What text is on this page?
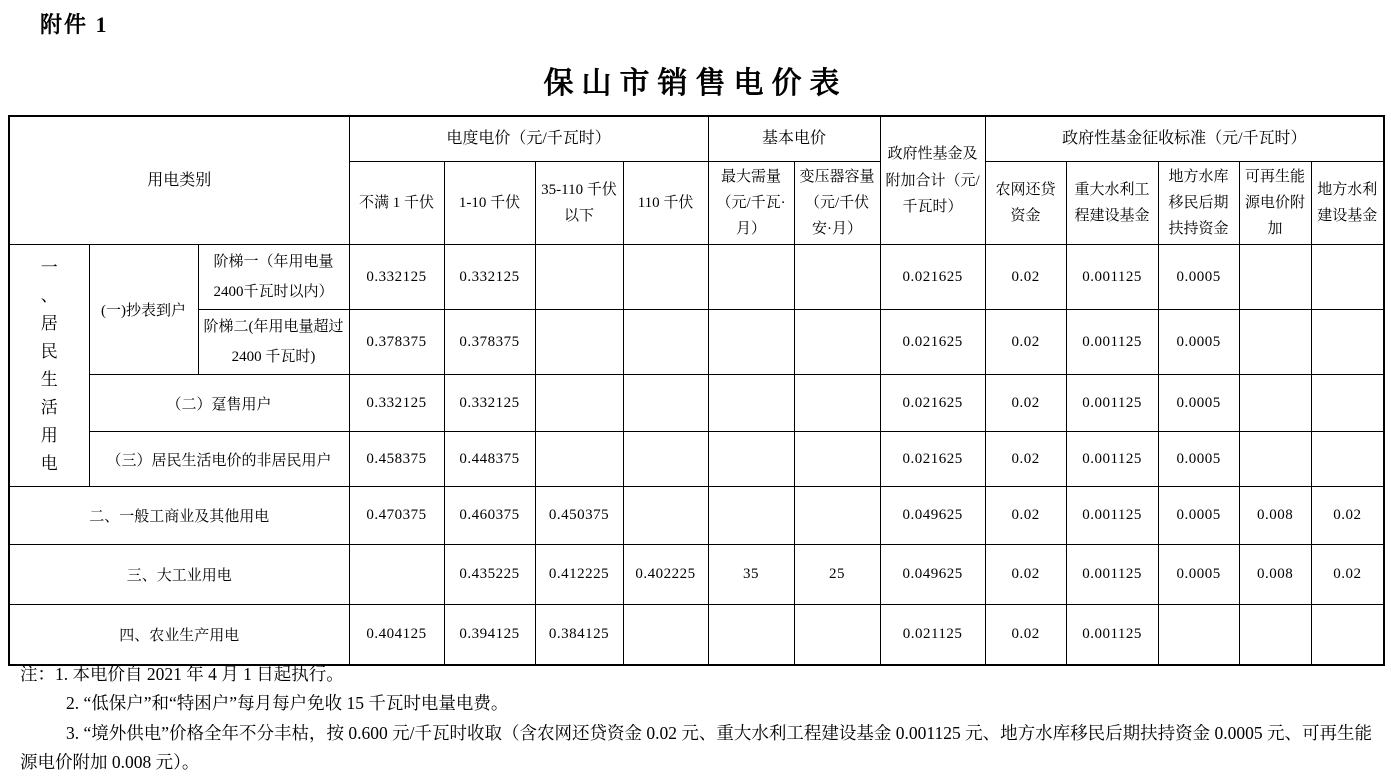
附件 1
保山市销售电价表
用电类别			电度电价（元/千瓦时）				基本电价		政府性基金及附加合计（元/千瓦时）	政府性基金征收标准（元/千瓦时）				
			不满 1 千伏	1-10 千伏	35-110 千伏以下	110 千伏	最大需量 （元/千瓦·月）	变压器容量（元/千伏安·月）		农网还贷资金	重大水利工程建设基金	地方水库移民后期扶持资金	可再生能源电价附加	地方水利建设基金

一、居民生活用电	(一)抄表到户	阶梯一（年用电量2400千瓦时以内）	0.332125	0.332125					0.021625	0.02	0.001125	0.0005		
		阶梯二(年用电量超过 2400 千瓦时)	0.378375	0.378375					0.021625	0.02	0.001125	0.0005		
	（二）趸售用户		0.332125	0.332125					0.021625	0.02	0.001125	0.0005		
	（三）居民生活电价的非居民用户		0.458375	0.448375					0.021625	0.02	0.001125	0.0005		
二、一般工商业及其他用电			0.470375	0.460375	0.450375				0.049625	0.02	0.001125	0.0005	0.008	0.02
三、大工业用电				0.435225	0.412225	0.402225	35	25	0.049625	0.02	0.001125	0.0005	0.008	0.02
四、农业生产用电			0.404125	0.394125	0.384125				0.021125	0.02	0.001125			

注：1. 本电价自 2021 年 4 月 1 日起执行。

2. “低保户”和“特困户”每月每户免收 15 千瓦时电量电费。

3. “境外供电”价格全年不分丰枯，按 0.600 元/千瓦时收取（含农网还贷资金 0.02 元、重大水利工程建设基金 0.001125 元、地方水库移民后期扶持资金 0.0005 元、可再生能源电价附加 0.008 元）。
